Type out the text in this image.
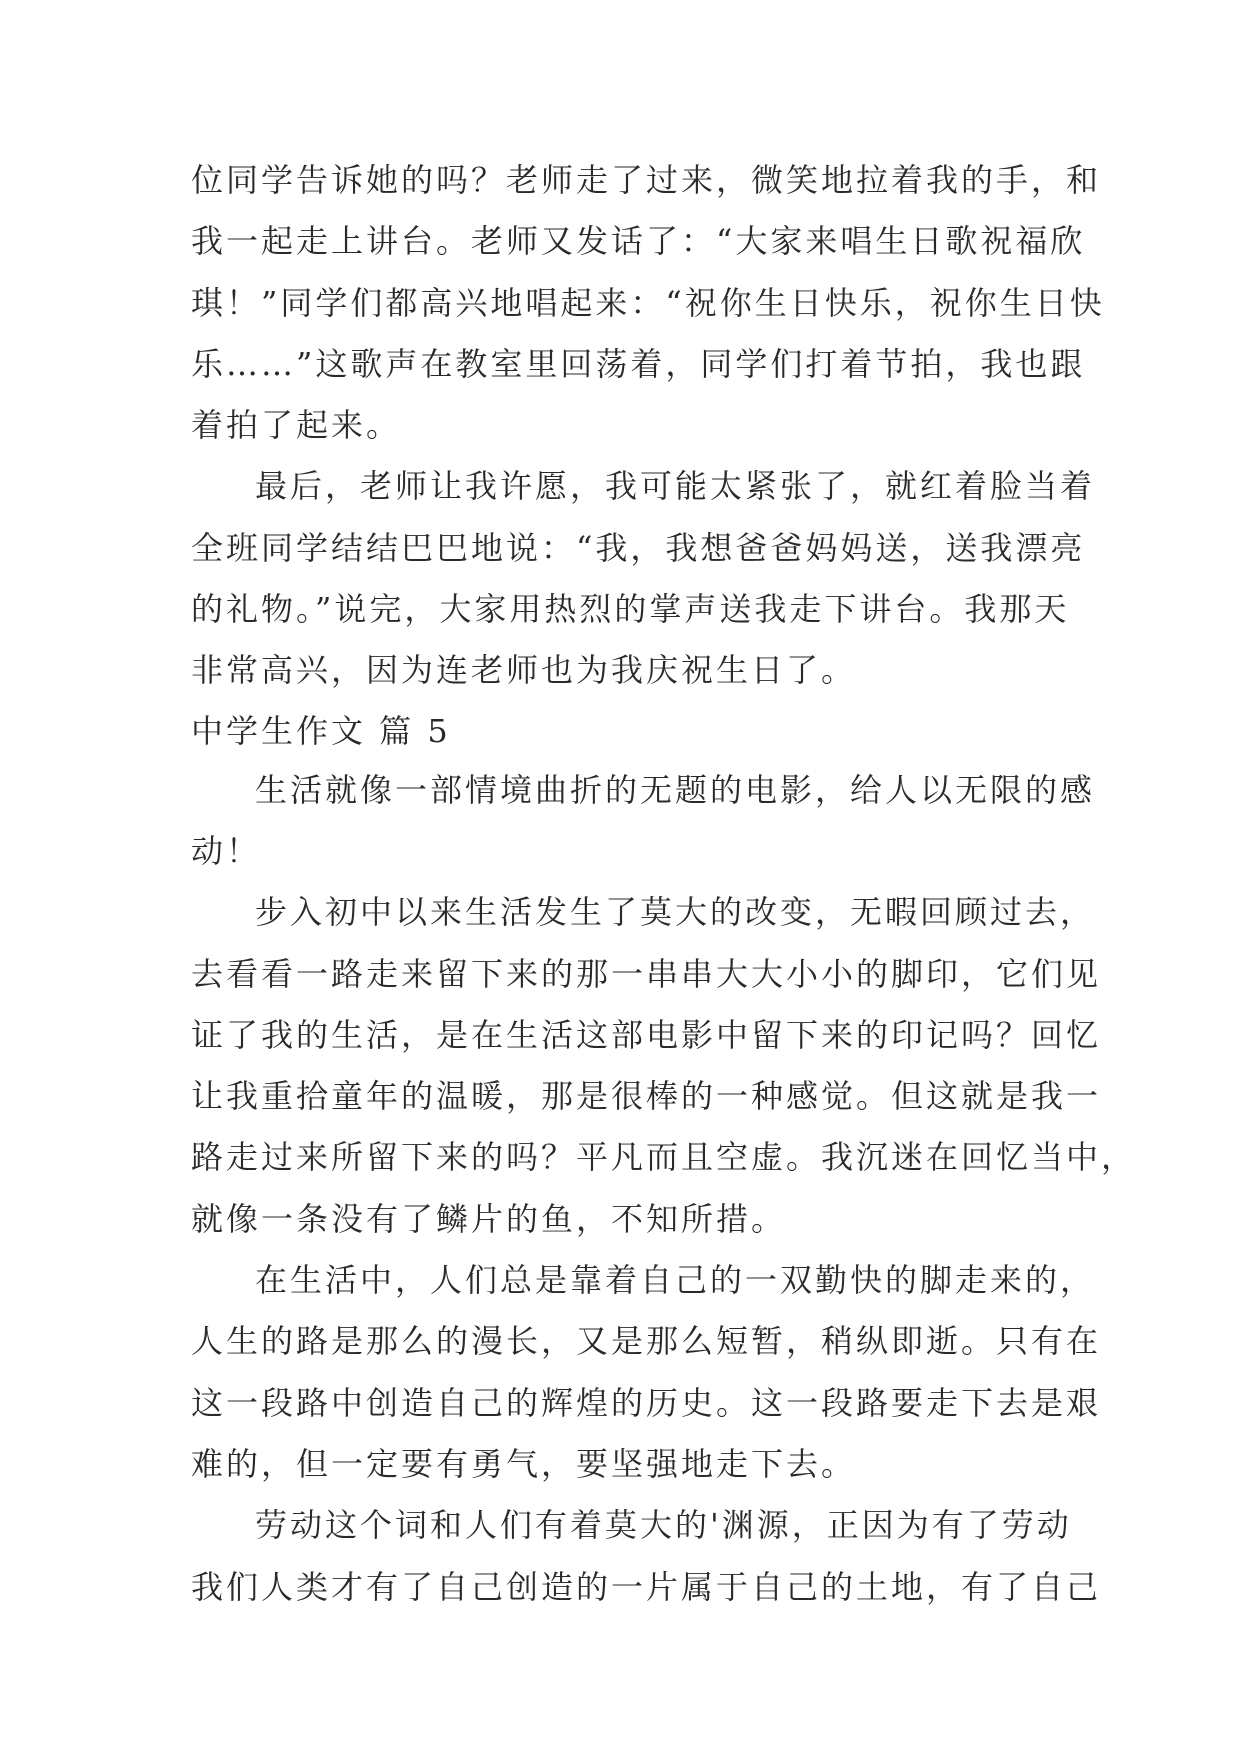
位同学告诉她的吗？老师走了过来，微笑地拉着我的手，和
我一起走上讲台。老师又发话了：“大家来唱生日歌祝福欣
琪！”同学们都高兴地唱起来：“祝你生日快乐，祝你生日快
乐……”这歌声在教室里回荡着，同学们打着节拍，我也跟
着拍了起来。
最后，老师让我许愿，我可能太紧张了，就红着脸当着
全班同学结结巴巴地说：“我，我想爸爸妈妈送，送我漂亮
的礼物。”说完，大家用热烈的掌声送我走下讲台。我那天
非常高兴，因为连老师也为我庆祝生日了。
中学生作文 篇 5
生活就像一部情境曲折的无题的电影，给人以无限的感
动！
步入初中以来生活发生了莫大的改变，无暇回顾过去，
去看看一路走来留下来的那一串串大大小小的脚印，它们见
证了我的生活，是在生活这部电影中留下来的印记吗？回忆
让我重拾童年的温暖，那是很棒的一种感觉。但这就是我一
路走过来所留下来的吗？平凡而且空虚。我沉迷在回忆当中，
就像一条没有了鳞片的鱼，不知所措。
在生活中，人们总是靠着自己的一双勤快的脚走来的，
人生的路是那么的漫长，又是那么短暂，稍纵即逝。只有在
这一段路中创造自己的辉煌的历史。这一段路要走下去是艰
难的，但一定要有勇气，要坚强地走下去。
劳动这个词和人们有着莫大的'渊源，正因为有了劳动
我们人类才有了自己创造的一片属于自己的土地，有了自己
